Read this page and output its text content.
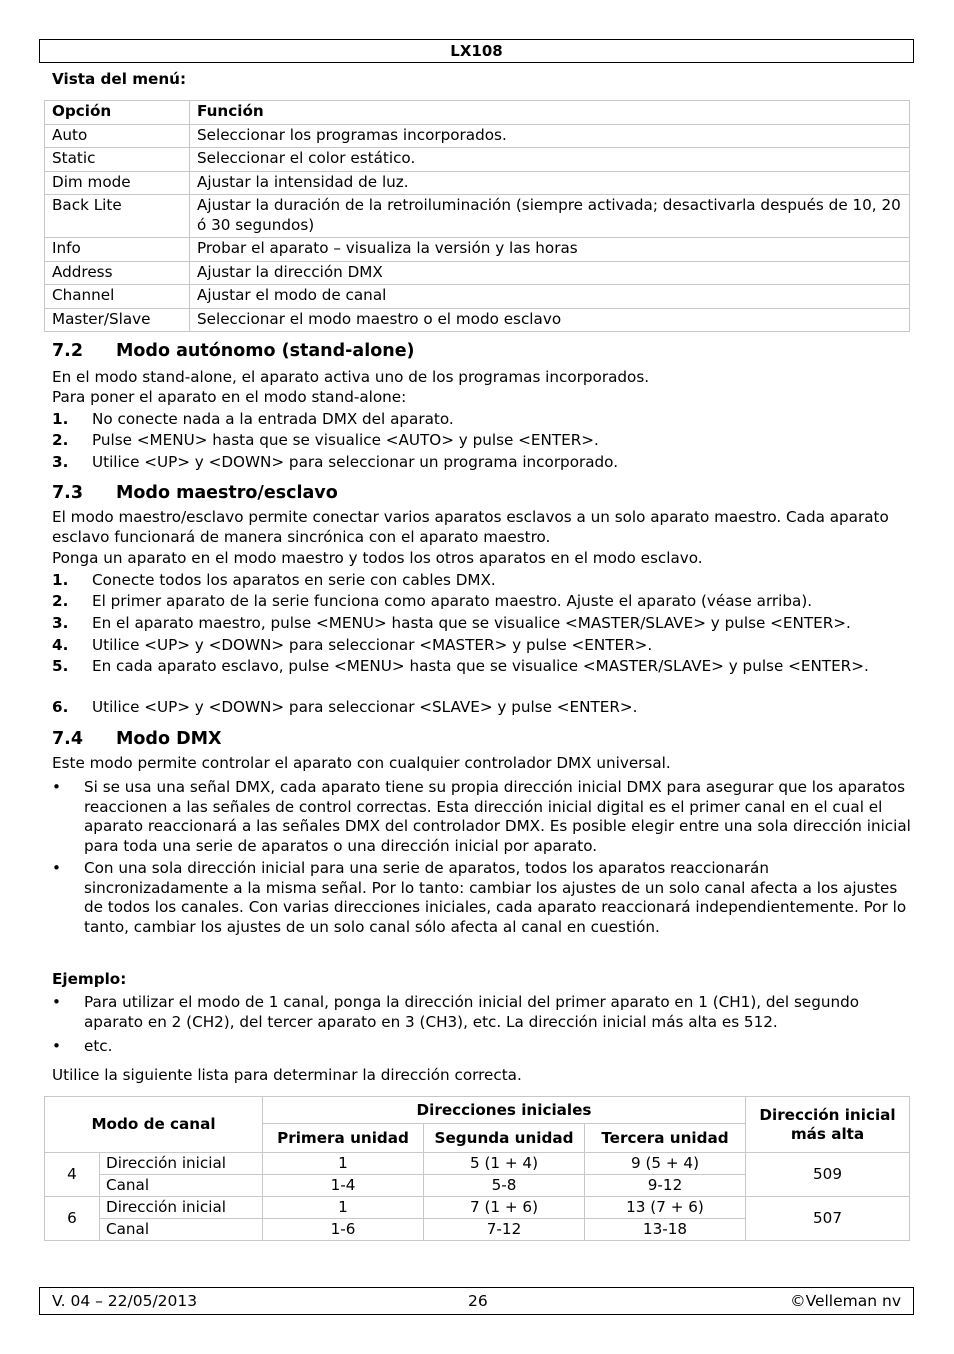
LX108
Vista del menú:
Opción	Función
Auto	Seleccionar los programas incorporados.
Static	Seleccionar el color estático.
Dim mode	Ajustar la intensidad de luz.
Back Lite	Ajustar la duración de la retroiluminación (siempre activada; desactivarla después de 10, 20 ó 30 segundos)
Info	Probar el aparato – visualiza la versión y las horas
Address	Ajustar la dirección DMX
Channel	Ajustar el modo de canal
Master/Slave	Seleccionar el modo maestro o el modo esclavo
7.2 Modo autónomo (stand-alone)
En el modo stand-alone, el aparato activa uno de los programas incorporados.
Para poner el aparato en el modo stand-alone:
1. No conecte nada a la entrada DMX del aparato.
2. Pulse <MENU> hasta que se visualice <AUTO> y pulse <ENTER>.
3. Utilice <UP> y <DOWN> para seleccionar un programa incorporado.
7.3 Modo maestro/esclavo
El modo maestro/esclavo permite conectar varios aparatos esclavos a un solo aparato maestro. Cada aparato esclavo funcionará de manera sincrónica con el aparato maestro.
Ponga un aparato en el modo maestro y todos los otros aparatos en el modo esclavo.
1. Conecte todos los aparatos en serie con cables DMX.
2. El primer aparato de la serie funciona como aparato maestro. Ajuste el aparato (véase arriba).
3. En el aparato maestro, pulse <MENU> hasta que se visualice <MASTER/SLAVE> y pulse <ENTER>.
4. Utilice <UP> y <DOWN> para seleccionar <MASTER> y pulse <ENTER>.
5. En cada aparato esclavo, pulse <MENU> hasta que se visualice <MASTER/SLAVE> y pulse <ENTER>.
6. Utilice <UP> y <DOWN> para seleccionar <SLAVE> y pulse <ENTER>.
7.4 Modo DMX
Este modo permite controlar el aparato con cualquier controlador DMX universal.
• Si se usa una señal DMX, cada aparato tiene su propia dirección inicial DMX para asegurar que los aparatos reaccionen a las señales de control correctas. Esta dirección inicial digital es el primer canal en el cual el aparato reaccionará a las señales DMX del controlador DMX. Es posible elegir entre una sola dirección inicial para toda una serie de aparatos o una dirección inicial por aparato.
• Con una sola dirección inicial para una serie de aparatos, todos los aparatos reaccionarán sincronizadamente a la misma señal. Por lo tanto: cambiar los ajustes de un solo canal afecta a los ajustes de todos los canales. Con varias direcciones iniciales, cada aparato reaccionará independientemente. Por lo tanto, cambiar los ajustes de un solo canal sólo afecta al canal en cuestión.
Ejemplo:
• Para utilizar el modo de 1 canal, ponga la dirección inicial del primer aparato en 1 (CH1), del segundo aparato en 2 (CH2), del tercer aparato en 3 (CH3), etc. La dirección inicial más alta es 512.
• etc.
Utilice la siguiente lista para determinar la dirección correcta.
Modo de canal		Direcciones iniciales			Dirección inicial más alta
		Primera unidad	Segunda unidad	Tercera unidad	
4	Dirección inicial	1	5 (1 + 4)	9 (5 + 4)	509
	Canal	1-4	5-8	9-12	
6	Dirección inicial	1	7 (1 + 6)	13 (7 + 6)	507
	Canal	1-6	7-12	13-18	
V. 04 – 22/05/2013	26	©Velleman nv
